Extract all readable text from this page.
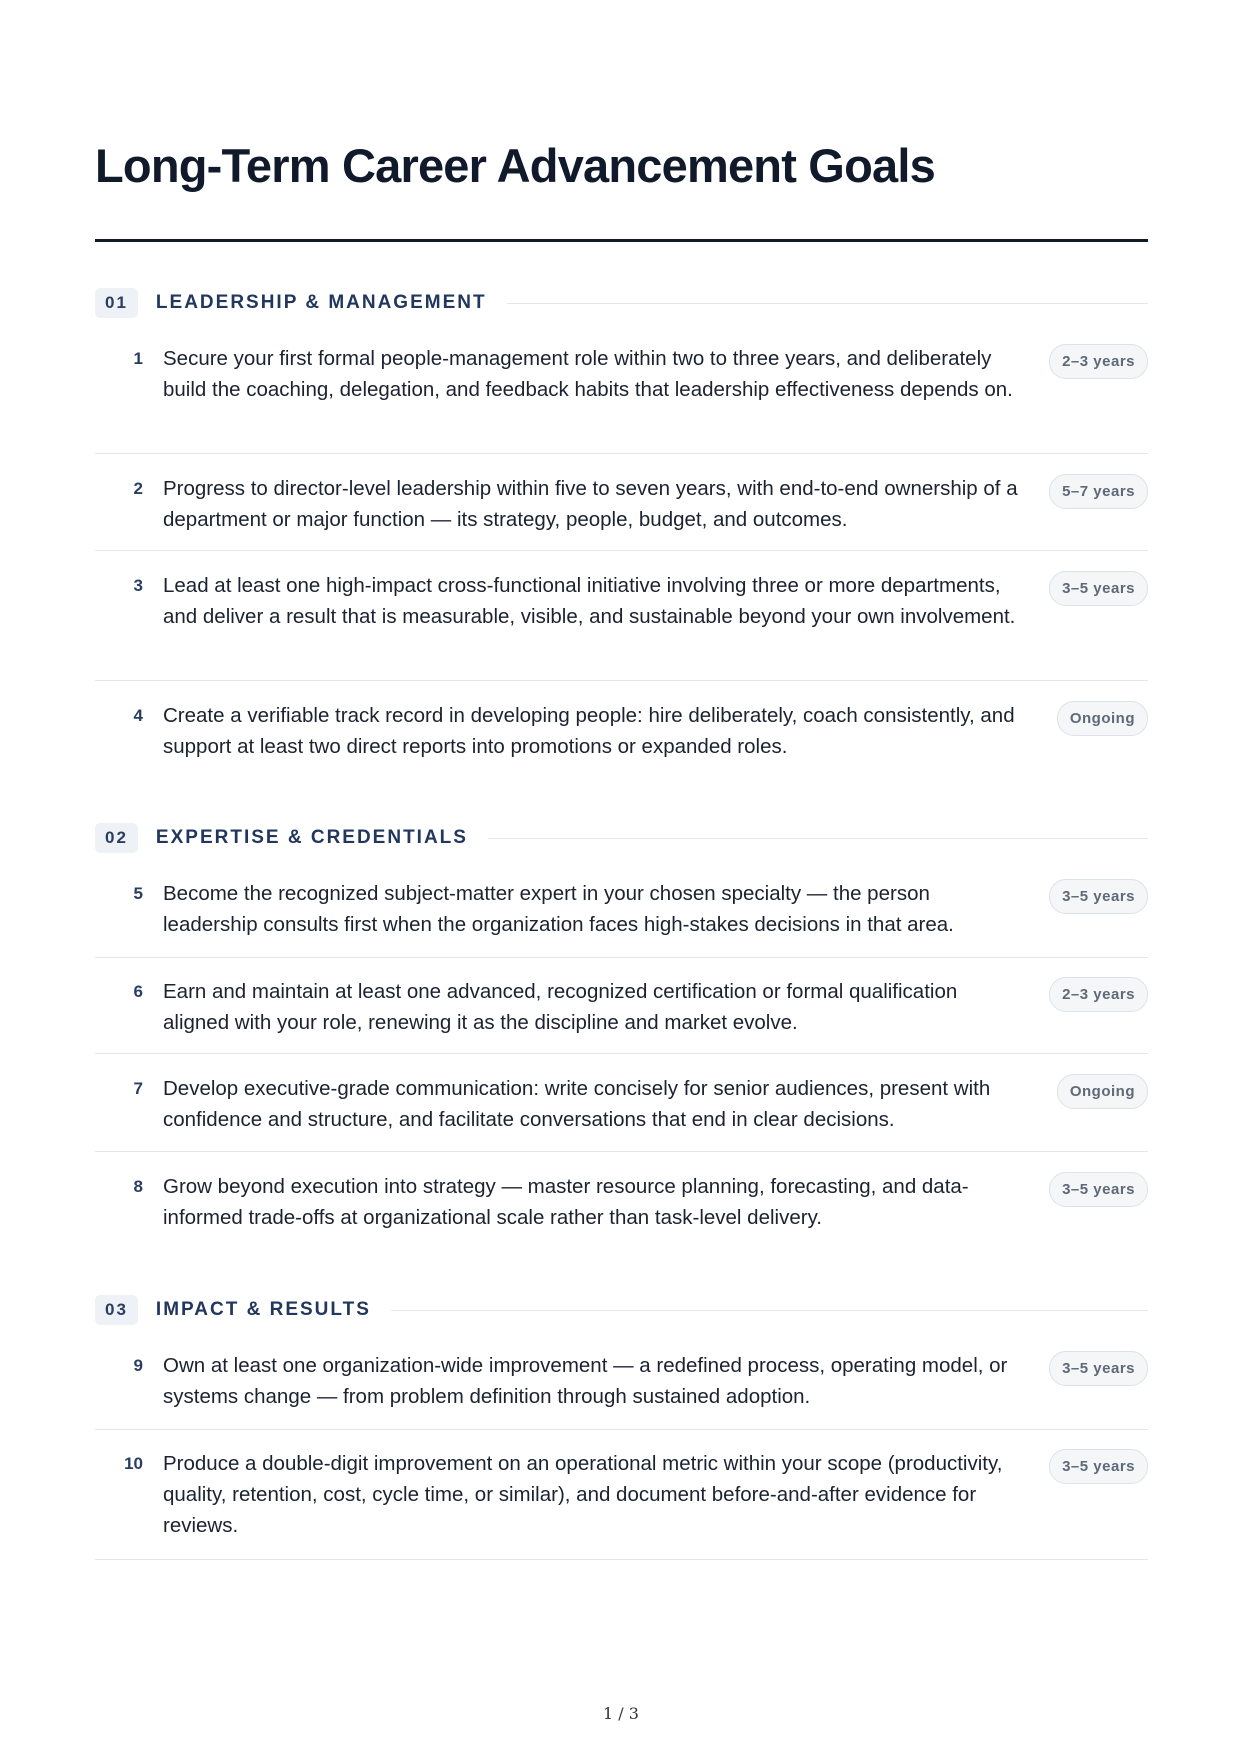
Long-Term Career Advancement Goals
01	LEADERSHIP & MANAGEMENT
1 Secure your first formal people-management role within two to three years, and deliberately build the coaching, delegation, and feedback habits that leadership effectiveness depends on.

2–3 years
2 Progress to director-level leadership within five to seven years, with end-to-end ownership of a department or major function — its strategy, people, budget, and outcomes.

5–7 years
3 Lead at least one high-impact cross-functional initiative involving three or more departments, and deliver a result that is measurable, visible, and sustainable beyond your own involvement.

3–5 years
4 Create a verifiable track record in developing people: hire deliberately, coach consistently, and support at least two direct reports into promotions or expanded roles.

Ongoing
02	EXPERTISE & CREDENTIALS
5 Become the recognized subject-matter expert in your chosen specialty — the person leadership consults first when the organization faces high-stakes decisions in that area.

3–5 years
6 Earn and maintain at least one advanced, recognized certification or formal qualification aligned with your role, renewing it as the discipline and market evolve.

2–3 years
7 Develop executive-grade communication: write concisely for senior audiences, present with confidence and structure, and facilitate conversations that end in clear decisions.

Ongoing
8 Grow beyond execution into strategy — master resource planning, forecasting, and data-informed trade-offs at organizational scale rather than task-level delivery.

3–5 years
03	IMPACT & RESULTS
9 Own at least one organization-wide improvement — a redefined process, operating model, or systems change — from problem definition through sustained adoption.

3–5 years
10 Produce a double-digit improvement on an operational metric within your scope (productivity, quality, retention, cost, cycle time, or similar), and document before-and-after evidence for reviews.

3–5 years
1 / 3
